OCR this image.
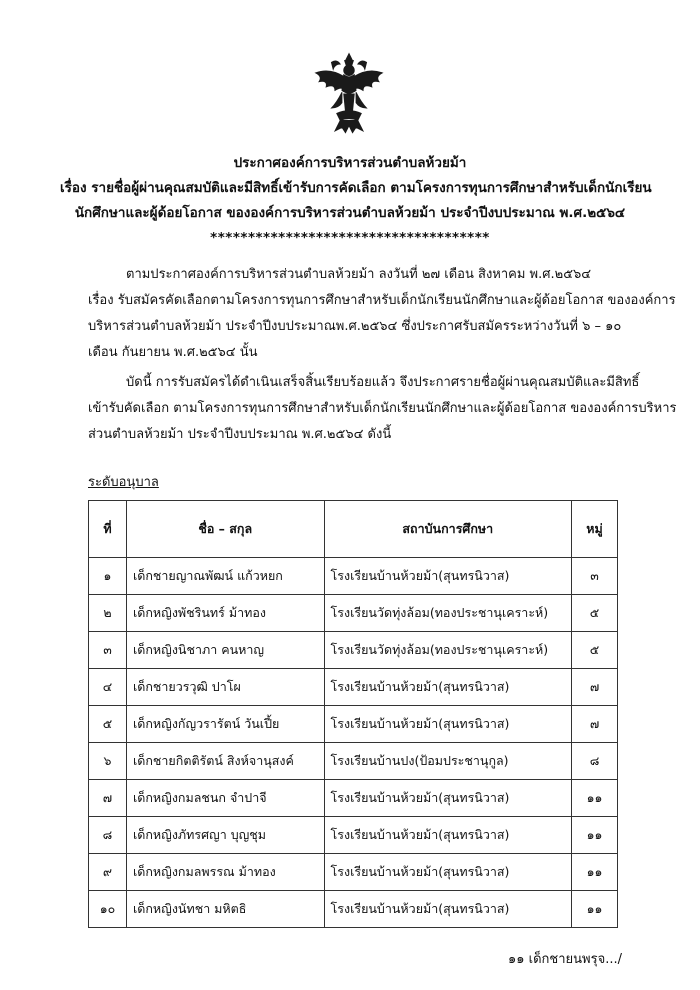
ประกาศองค์การบริหารส่วนตำบลห้วยม้า
เรื่อง รายชื่อผู้ผ่านคุณสมบัติและมีสิทธิ์เข้ารับการคัดเลือก ตามโครงการทุนการศึกษาสำหรับเด็กนักเรียน
นักศึกษาและผู้ด้อยโอกาส ขององค์การบริหารส่วนตำบลห้วยม้า ประจำปีงบประมาณ พ.ศ.๒๕๖๔
*************************************
ตามประกาศองค์การบริหารส่วนตำบลห้วยม้า ลงวันที่ ๒๗ เดือน สิงหาคม พ.ศ.๒๕๖๔
เรื่อง รับสมัครคัดเลือกตามโครงการทุนการศึกษาสำหรับเด็กนักเรียนนักศึกษาและผู้ด้อยโอกาส ขององค์การ
บริหารส่วนตำบลห้วยม้า ประจำปีงบประมาณพ.ศ.๒๕๖๔ ซึ่งประกาศรับสมัครระหว่างวันที่ ๖ – ๑๐
เดือน กันยายน พ.ศ.๒๕๖๔ นั้น
บัดนี้ การรับสมัครได้ดำเนินเสร็จสิ้นเรียบร้อยแล้ว จึงประกาศรายชื่อผู้ผ่านคุณสมบัติและมีสิทธิ์
เข้ารับคัดเลือก ตามโครงการทุนการศึกษาสำหรับเด็กนักเรียนนักศึกษาและผู้ด้อยโอกาส ขององค์การบริหาร
ส่วนตำบลห้วยม้า ประจำปีงบประมาณ พ.ศ.๒๕๖๔ ดังนี้
ระดับอนุบาล
ที่	ชื่อ – สกุล	สถาบันการศึกษา	หมู่
๑	เด็กชายญาณพัฒน์ แก้วหยก	โรงเรียนบ้านห้วยม้า(สุนทรนิวาส)	๓
๒	เด็กหญิงพัชรินทร์ ม้าทอง	โรงเรียนวัดทุ่งล้อม(ทองประชานุเคราะห์)	๕
๓	เด็กหญิงนิชาภา คนหาญ	โรงเรียนวัดทุ่งล้อม(ทองประชานุเคราะห์)	๕
๔	เด็กชายวรวุฒิ ปาโผ	โรงเรียนบ้านห้วยม้า(สุนทรนิวาส)	๗
๕	เด็กหญิงกัญวรารัตน์ วันเปี้ย	โรงเรียนบ้านห้วยม้า(สุนทรนิวาส)	๗
๖	เด็กชายกิตติรัตน์ สิงห์จานุสงค์	โรงเรียนบ้านปง(ป้อมประชานุกูล)	๘
๗	เด็กหญิงกมลชนก จำปาจี	โรงเรียนบ้านห้วยม้า(สุนทรนิวาส)	๑๑
๘	เด็กหญิงภัทรศญา บุญชุม	โรงเรียนบ้านห้วยม้า(สุนทรนิวาส)	๑๑
๙	เด็กหญิงกมลพรรณ ม้าทอง	โรงเรียนบ้านห้วยม้า(สุนทรนิวาส)	๑๑
๑๐	เด็กหญิงนัทชา มหิตธิ	โรงเรียนบ้านห้วยม้า(สุนทรนิวาส)	๑๑
๑๑ เด็กชายนพรุจ.../
